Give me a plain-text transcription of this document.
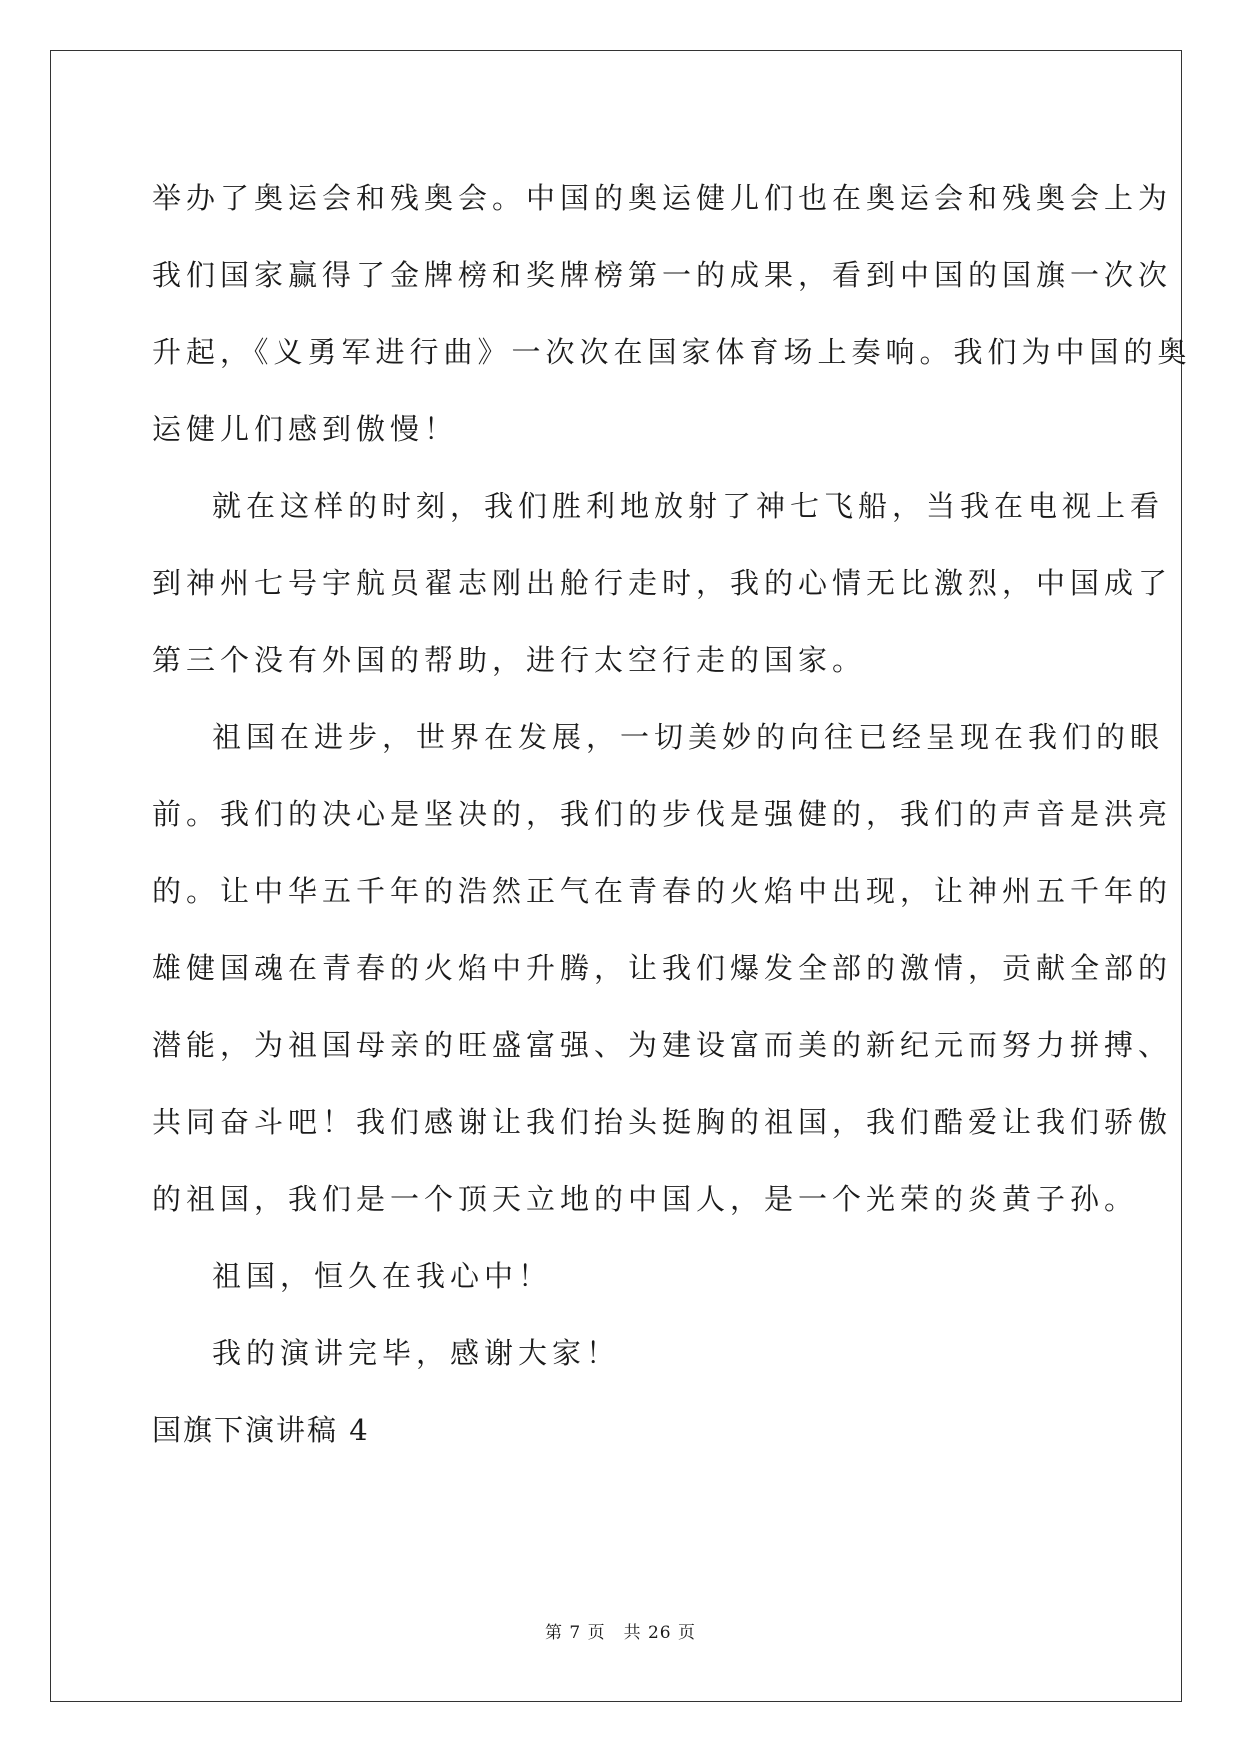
举办了奥运会和残奥会。中国的奥运健儿们也在奥运会和残奥会上为
我们国家赢得了金牌榜和奖牌榜第一的成果，看到中国的国旗一次次
升起，《义勇军进行曲》一次次在国家体育场上奏响。我们为中国的奥
运健儿们感到傲慢！
就在这样的时刻，我们胜利地放射了神七飞船，当我在电视上看
到神州七号宇航员翟志刚出舱行走时，我的心情无比激烈，中国成了
第三个没有外国的帮助，进行太空行走的国家。
祖国在进步，世界在发展，一切美妙的向往已经呈现在我们的眼
前。我们的决心是坚决的，我们的步伐是强健的，我们的声音是洪亮
的。让中华五千年的浩然正气在青春的火焰中出现，让神州五千年的
雄健国魂在青春的火焰中升腾，让我们爆发全部的激情，贡献全部的
潜能，为祖国母亲的旺盛富强、为建设富而美的新纪元而努力拼搏、
共同奋斗吧！我们感谢让我们抬头挺胸的祖国，我们酷爱让我们骄傲
的祖国，我们是一个顶天立地的中国人，是一个光荣的炎黄子孙。
祖国，恒久在我心中！
我的演讲完毕，感谢大家！
国旗下演讲稿 4
第 7 页 共 26 页
